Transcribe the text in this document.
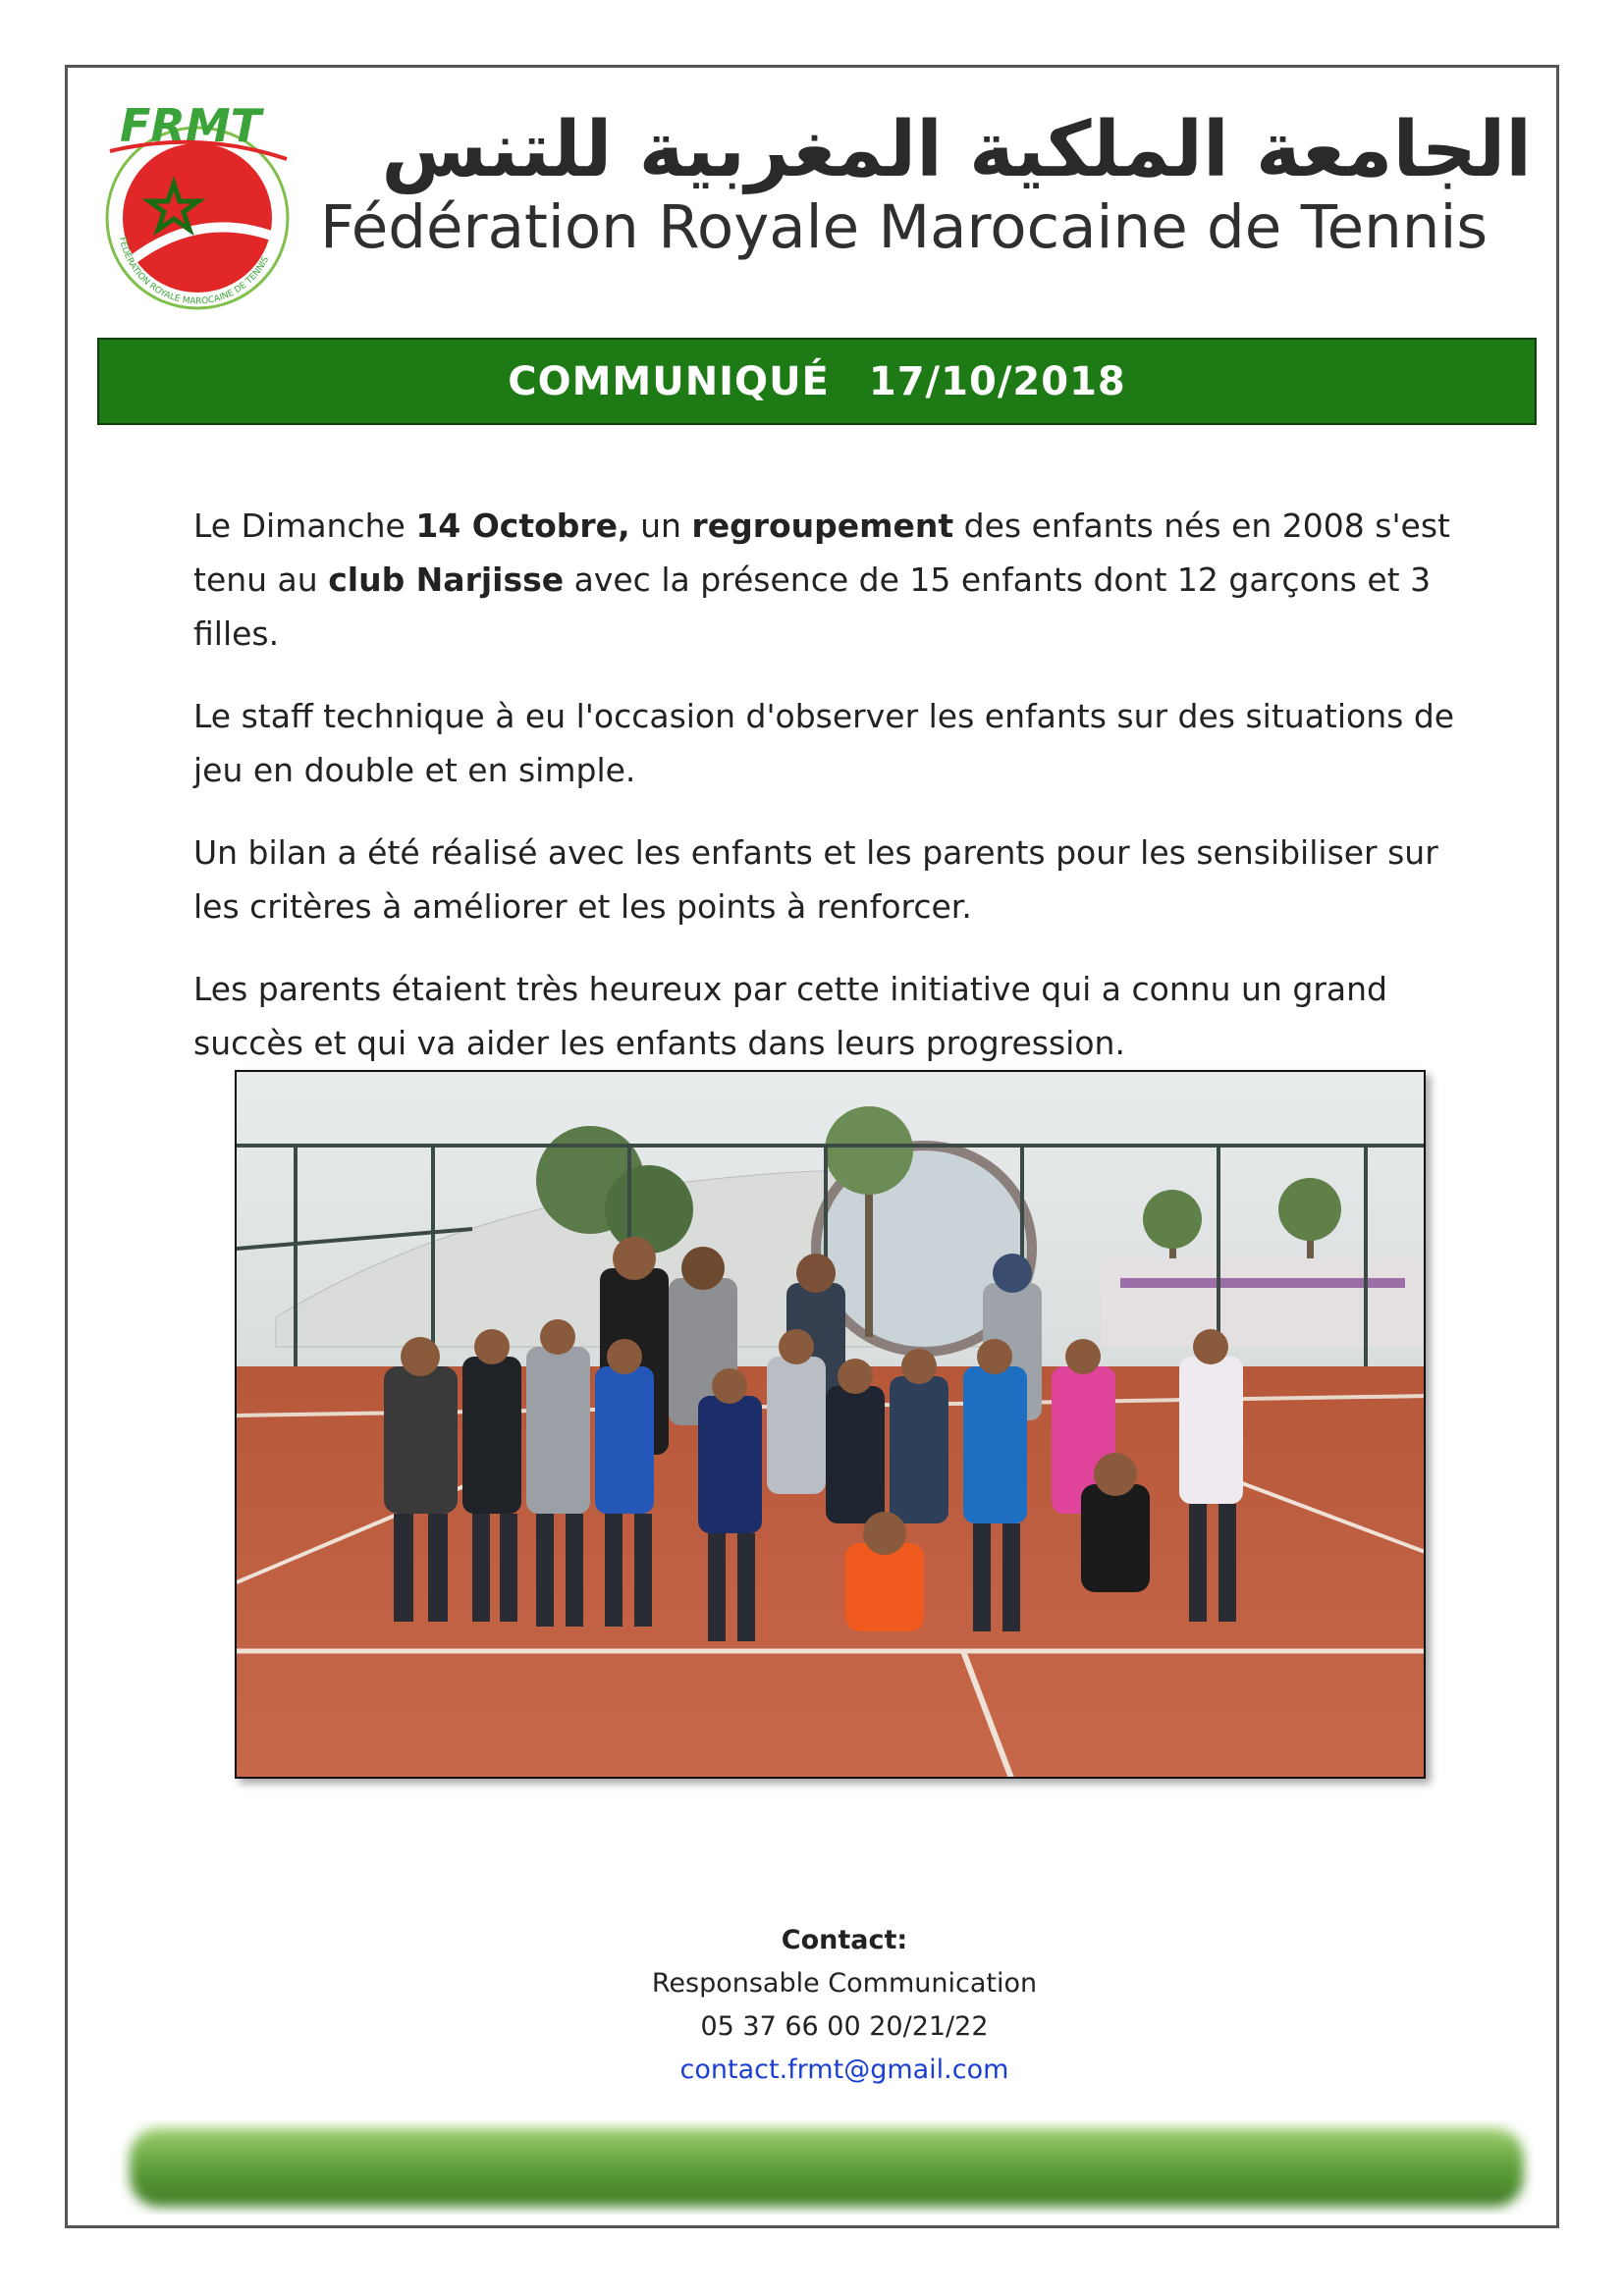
FRMT
FÉDÉRATION ROYALE MAROCAINE DE TENNIS
الجامعة الملكية المغربية للتنس
Fédération Royale Marocaine de Tennis
COMMUNIQUÉ 17/10/2018

Le Dimanche 14 Octobre, un regroupement des enfants nés en 2008 s'est tenu au club Narjisse avec la présence de 15 enfants dont 12 garçons et 3 filles.

Le staff technique à eu l'occasion d'observer les enfants sur des situations de jeu en double et en simple.

Un bilan a été réalisé avec les enfants et les parents pour les sensibiliser sur les critères à améliorer et les points à renforcer.

Les parents étaient très heureux par cette initiative qui a connu un grand succès et qui va aider les enfants dans leurs progression.

Contact:
Responsable Communication
05 37 66 00 20/21/22
contact.frmt@gmail.com
